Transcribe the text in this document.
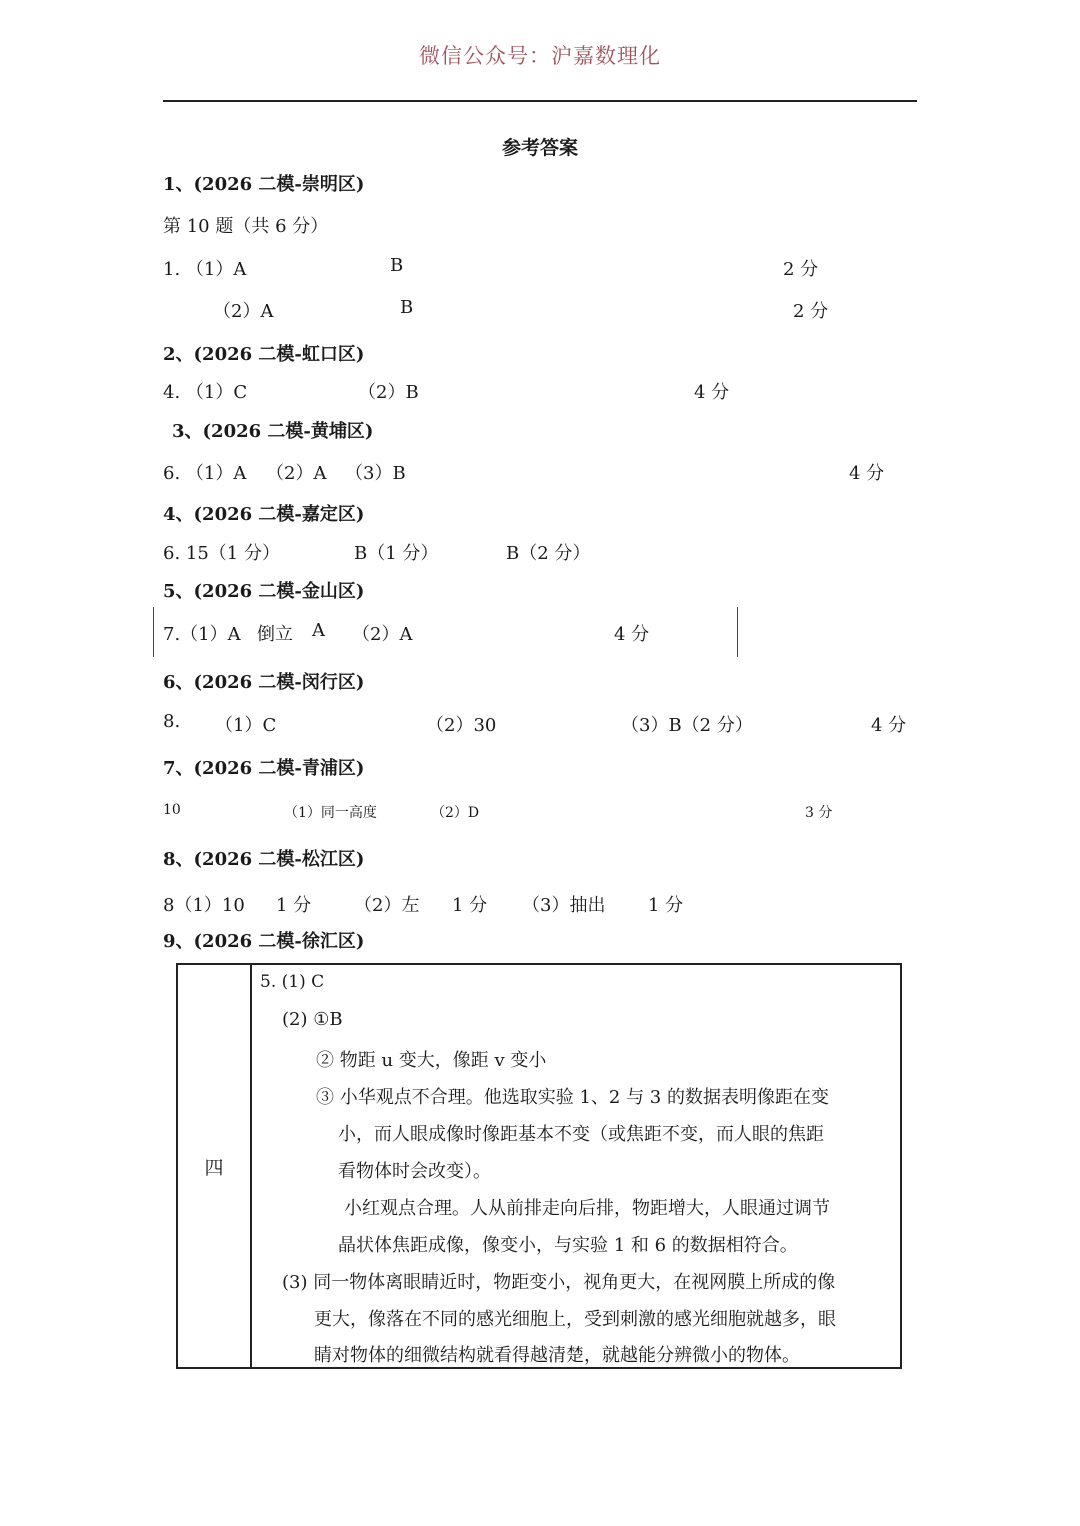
微信公众号：沪嘉数理化
参考答案
1、(2026 二模-崇明区)
第 10 题（共 6 分）
1. （1）A	B	2 分
（2）A	B	2 分
2、(2026 二模-虹口区)
4. （1）C	（2）B	4 分
3、(2026 二模-黄埔区)
6. （1）A （2）A （3）B	4 分
4、(2026 二模-嘉定区)
6. 15（1 分）	B（1 分）	B（2 分）
5、(2026 二模-金山区)
7.（1）A 倒立 A （2）A	4 分
6、(2026 二模-闵行区)
8. （1）C	（2）30	（3）B（2 分）	4 分
7、(2026 二模-青浦区)
10	（1）同一高度	（2）D	3 分
8、(2026 二模-松江区)
8（1）10 1 分 （2）左 1 分 （3）抽出 1 分
9、(2026 二模-徐汇区)
四	
5. (1) C
(2) ①B
② 物距 u 变大，像距 v 变小
③ 小华观点不合理。他选取实验 1、2 与 3 的数据表明像距在变
小，而人眼成像时像距基本不变（或焦距不变，而人眼的焦距
看物体时会改变）。
小红观点合理。人从前排走向后排，物距增大，人眼通过调节
晶状体焦距成像，像变小，与实验 1 和 6 的数据相符合。
(3) 同一物体离眼睛近时，物距变小，视角更大，在视网膜上所成的像
更大，像落在不同的感光细胞上，受到刺激的感光细胞就越多，眼
睛对物体的细微结构就看得越清楚，就越能分辨微小的物体。
